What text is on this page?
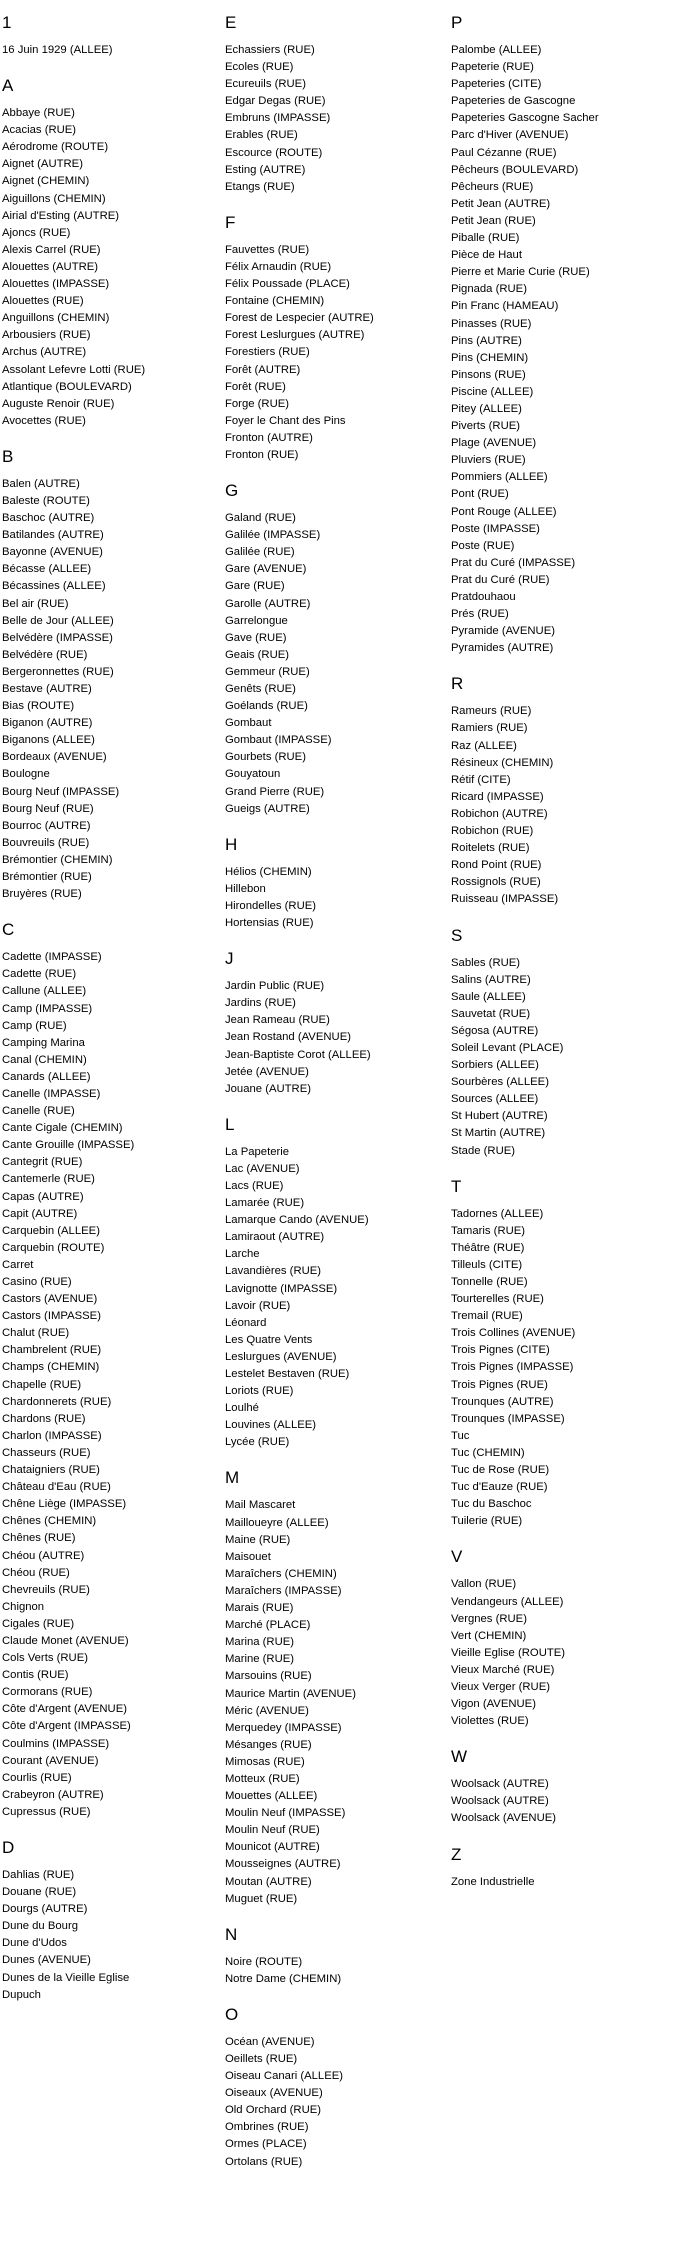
1
16 Juin 1929 (ALLEE)
A
Abbaye (RUE)
Acacias (RUE)
Aérodrome (ROUTE)
Aignet (AUTRE)
Aignet (CHEMIN)
Aiguillons (CHEMIN)
Airial d'Esting (AUTRE)
Ajoncs (RUE)
Alexis Carrel (RUE)
Alouettes (AUTRE)
Alouettes (IMPASSE)
Alouettes (RUE)
Anguillons (CHEMIN)
Arbousiers (RUE)
Archus (AUTRE)
Assolant Lefevre Lotti (RUE)
Atlantique (BOULEVARD)
Auguste Renoir (RUE)
Avocettes (RUE)
B
Balen (AUTRE)
Baleste (ROUTE)
Baschoc (AUTRE)
Batilandes (AUTRE)
Bayonne (AVENUE)
Bécasse (ALLEE)
Bécassines (ALLEE)
Bel air (RUE)
Belle de Jour (ALLEE)
Belvédère (IMPASSE)
Belvédère (RUE)
Bergeronnettes (RUE)
Bestave (AUTRE)
Bias (ROUTE)
Biganon (AUTRE)
Biganons (ALLEE)
Bordeaux (AVENUE)
Boulogne
Bourg Neuf (IMPASSE)
Bourg Neuf (RUE)
Bourroc (AUTRE)
Bouvreuils (RUE)
Brémontier (CHEMIN)
Brémontier (RUE)
Bruyères (RUE)
C
Cadette (IMPASSE)
Cadette (RUE)
Callune (ALLEE)
Camp (IMPASSE)
Camp (RUE)
Camping Marina
Canal (CHEMIN)
Canards (ALLEE)
Canelle (IMPASSE)
Canelle (RUE)
Cante Cigale (CHEMIN)
Cante Grouille (IMPASSE)
Cantegrit (RUE)
Cantemerle (RUE)
Capas (AUTRE)
Capit (AUTRE)
Carquebin (ALLEE)
Carquebin (ROUTE)
Carret
Casino (RUE)
Castors (AVENUE)
Castors (IMPASSE)
Chalut (RUE)
Chambrelent (RUE)
Champs (CHEMIN)
Chapelle (RUE)
Chardonnerets (RUE)
Chardons (RUE)
Charlon (IMPASSE)
Chasseurs (RUE)
Chataigniers (RUE)
Château d'Eau (RUE)
Chêne Liège (IMPASSE)
Chênes (CHEMIN)
Chênes (RUE)
Chéou (AUTRE)
Chéou (RUE)
Chevreuils (RUE)
Chignon
Cigales (RUE)
Claude Monet (AVENUE)
Cols Verts (RUE)
Contis (RUE)
Cormorans (RUE)
Côte d'Argent (AVENUE)
Côte d'Argent (IMPASSE)
Coulmins (IMPASSE)
Courant (AVENUE)
Courlis (RUE)
Crabeyron (AUTRE)
Cupressus (RUE)
D
Dahlias (RUE)
Douane (RUE)
Dourgs (AUTRE)
Dune du Bourg
Dune d'Udos
Dunes (AVENUE)
Dunes de la Vieille Eglise
Dupuch
E
Echassiers (RUE)
Ecoles (RUE)
Ecureuils (RUE)
Edgar Degas (RUE)
Embruns (IMPASSE)
Erables (RUE)
Escource (ROUTE)
Esting (AUTRE)
Etangs (RUE)
F
Fauvettes (RUE)
Félix Arnaudin (RUE)
Félix Poussade (PLACE)
Fontaine (CHEMIN)
Forest de Lespecier (AUTRE)
Forest Leslurgues (AUTRE)
Forestiers (RUE)
Forêt (AUTRE)
Forêt (RUE)
Forge (RUE)
Foyer le Chant des Pins
Fronton (AUTRE)
Fronton (RUE)
G
Galand (RUE)
Galilée (IMPASSE)
Galilée (RUE)
Gare (AVENUE)
Gare (RUE)
Garolle (AUTRE)
Garrelongue
Gave (RUE)
Geais (RUE)
Gemmeur (RUE)
Genêts (RUE)
Goélands (RUE)
Gombaut
Gombaut (IMPASSE)
Gourbets (RUE)
Gouyatoun
Grand Pierre (RUE)
Gueigs (AUTRE)
H
Hélios (CHEMIN)
Hillebon
Hirondelles (RUE)
Hortensias (RUE)
J
Jardin Public (RUE)
Jardins (RUE)
Jean Rameau (RUE)
Jean Rostand (AVENUE)
Jean-Baptiste Corot (ALLEE)
Jetée (AVENUE)
Jouane (AUTRE)
L
La Papeterie
Lac (AVENUE)
Lacs (RUE)
Lamarée (RUE)
Lamarque Cando (AVENUE)
Lamiraout (AUTRE)
Larche
Lavandières (RUE)
Lavignotte (IMPASSE)
Lavoir (RUE)
Léonard
Les Quatre Vents
Leslurgues (AVENUE)
Lestelet Bestaven (RUE)
Loriots (RUE)
Loulhé
Louvines (ALLEE)
Lycée (RUE)
M
Mail Mascaret
Mailloueyre (ALLEE)
Maine (RUE)
Maisouet
Maraîchers (CHEMIN)
Maraîchers (IMPASSE)
Marais (RUE)
Marché (PLACE)
Marina (RUE)
Marine (RUE)
Marsouins (RUE)
Maurice Martin (AVENUE)
Méric (AVENUE)
Merquedey (IMPASSE)
Mésanges (RUE)
Mimosas (RUE)
Motteux (RUE)
Mouettes (ALLEE)
Moulin Neuf (IMPASSE)
Moulin Neuf (RUE)
Mounicot (AUTRE)
Mousseignes (AUTRE)
Moutan (AUTRE)
Muguet (RUE)
N
Noire (ROUTE)
Notre Dame (CHEMIN)
O
Océan (AVENUE)
Oeillets (RUE)
Oiseau Canari (ALLEE)
Oiseaux (AVENUE)
Old Orchard (RUE)
Ombrines (RUE)
Ormes (PLACE)
Ortolans (RUE)
P
Palombe (ALLEE)
Papeterie (RUE)
Papeteries (CITE)
Papeteries de Gascogne
Papeteries Gascogne Sacher
Parc d'Hiver (AVENUE)
Paul Cézanne (RUE)
Pêcheurs (BOULEVARD)
Pêcheurs (RUE)
Petit Jean (AUTRE)
Petit Jean (RUE)
Piballe (RUE)
Pièce de Haut
Pierre et Marie Curie (RUE)
Pignada (RUE)
Pin Franc (HAMEAU)
Pinasses (RUE)
Pins (AUTRE)
Pins (CHEMIN)
Pinsons (RUE)
Piscine (ALLEE)
Pitey (ALLEE)
Piverts (RUE)
Plage (AVENUE)
Pluviers (RUE)
Pommiers (ALLEE)
Pont (RUE)
Pont Rouge (ALLEE)
Poste (IMPASSE)
Poste (RUE)
Prat du Curé (IMPASSE)
Prat du Curé (RUE)
Pratdouhaou
Prés (RUE)
Pyramide (AVENUE)
Pyramides (AUTRE)
R
Rameurs (RUE)
Ramiers (RUE)
Raz (ALLEE)
Résineux (CHEMIN)
Rétif (CITE)
Ricard (IMPASSE)
Robichon (AUTRE)
Robichon (RUE)
Roitelets (RUE)
Rond Point (RUE)
Rossignols (RUE)
Ruisseau (IMPASSE)
S
Sables (RUE)
Salins (AUTRE)
Saule (ALLEE)
Sauvetat (RUE)
Ségosa (AUTRE)
Soleil Levant (PLACE)
Sorbiers (ALLEE)
Sourbères (ALLEE)
Sources (ALLEE)
St Hubert (AUTRE)
St Martin (AUTRE)
Stade (RUE)
T
Tadornes (ALLEE)
Tamaris (RUE)
Théâtre (RUE)
Tilleuls (CITE)
Tonnelle (RUE)
Tourterelles (RUE)
Tremail (RUE)
Trois Collines (AVENUE)
Trois Pignes (CITE)
Trois Pignes (IMPASSE)
Trois Pignes (RUE)
Trounques (AUTRE)
Trounques (IMPASSE)
Tuc
Tuc (CHEMIN)
Tuc de Rose (RUE)
Tuc d'Eauze (RUE)
Tuc du Baschoc
Tuilerie (RUE)
V
Vallon (RUE)
Vendangeurs (ALLEE)
Vergnes (RUE)
Vert (CHEMIN)
Vieille Eglise (ROUTE)
Vieux Marché (RUE)
Vieux Verger (RUE)
Vigon (AVENUE)
Violettes (RUE)
W
Woolsack (AUTRE)
Woolsack (AUTRE)
Woolsack (AVENUE)
Z
Zone Industrielle
